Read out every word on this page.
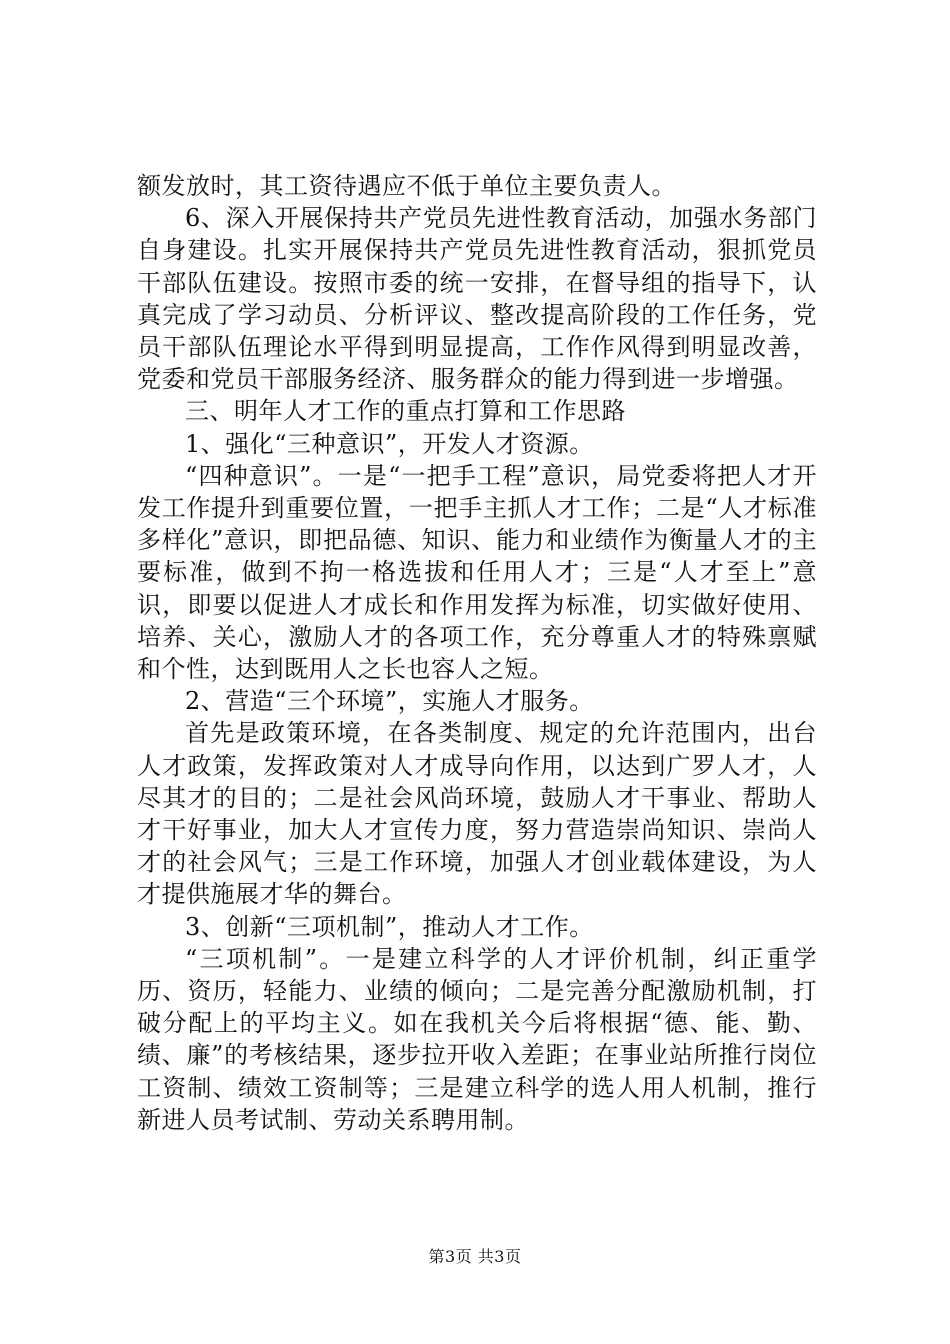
额发放时，其工资待遇应不低于单位主要负责人。

6、深入开展保持共产党员先进性教育活动，加强水务部门自身建设。扎实开展保持共产党员先进性教育活动，狠抓党员干部队伍建设。按照市委的统一安排，在督导组的指导下，认真完成了学习动员、分析评议、整改提高阶段的工作任务，党员干部队伍理论水平得到明显提高，工作作风得到明显改善，党委和党员干部服务经济、服务群众的能力得到进一步增强。

三、明年人才工作的重点打算和工作思路

1、强化“三种意识”，开发人才资源。

“四种意识”。一是“一把手工程”意识，局党委将把人才开发工作提升到重要位置，一把手主抓人才工作；二是“人才标准多样化”意识，即把品德、知识、能力和业绩作为衡量人才的主要标准，做到不拘一格选拔和任用人才；三是“人才至上”意识，即要以促进人才成长和作用发挥为标准，切实做好使用、培养、关心，激励人才的各项工作，充分尊重人才的特殊禀赋和个性，达到既用人之长也容人之短。

2、营造“三个环境”，实施人才服务。

首先是政策环境，在各类制度、规定的允许范围内，出台人才政策，发挥政策对人才成导向作用，以达到广罗人才，人尽其才的目的；二是社会风尚环境，鼓励人才干事业、帮助人才干好事业，加大人才宣传力度，努力营造崇尚知识、崇尚人才的社会风气；三是工作环境，加强人才创业载体建设，为人才提供施展才华的舞台。

3、创新“三项机制”，推动人才工作。

“三项机制”。一是建立科学的人才评价机制，纠正重学历、资历，轻能力、业绩的倾向；二是完善分配激励机制，打破分配上的平均主义。如在我机关今后将根据“德、能、勤、绩、廉”的考核结果，逐步拉开收入差距；在事业站所推行岗位工资制、绩效工资制等；三是建立科学的选人用人机制，推行新进人员考试制、劳动关系聘用制。

第3页 共3页
